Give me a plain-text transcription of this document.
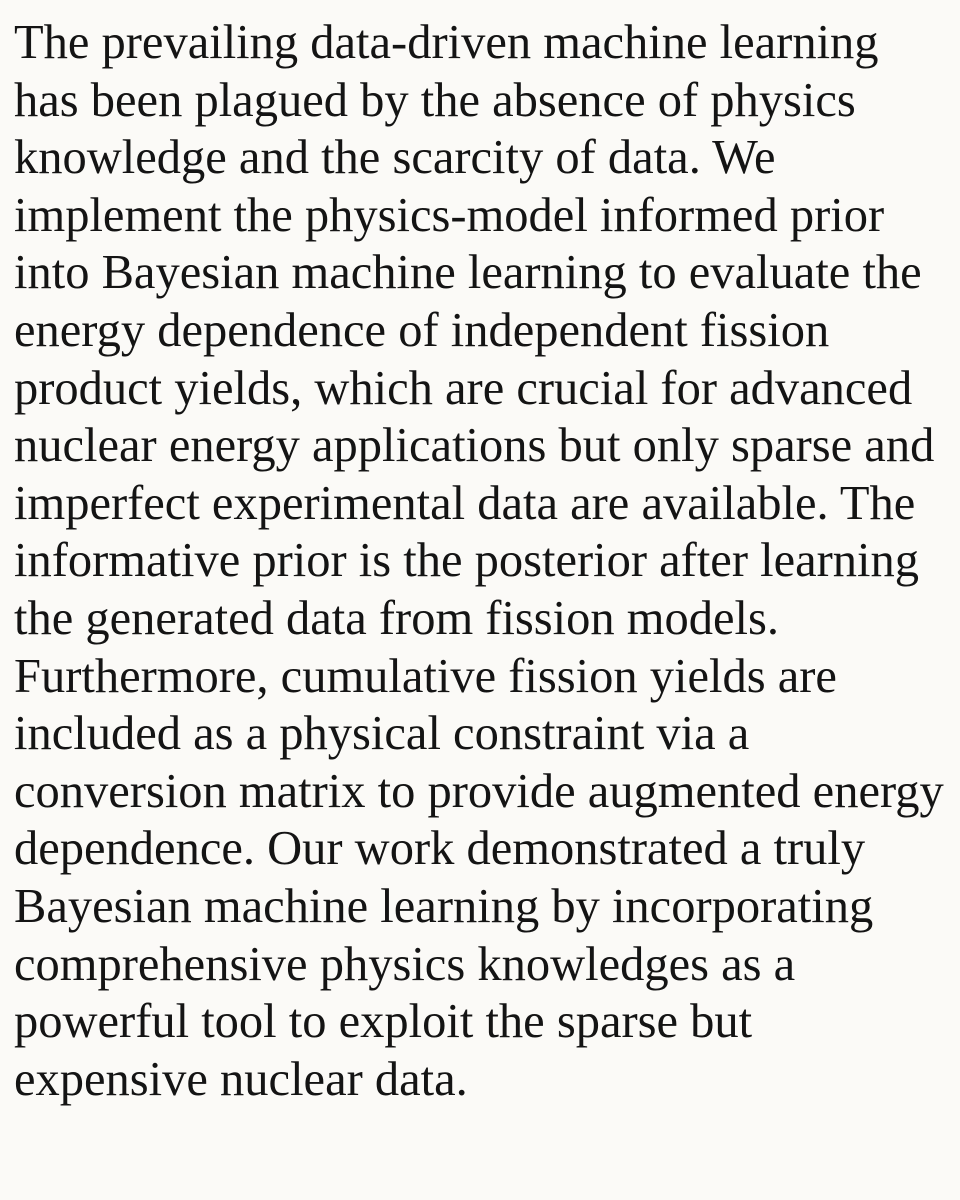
The prevailing data-driven machine learning
has been plagued by the absence of physics
knowledge and the scarcity of data. We
implement the physics-model informed prior
into Bayesian machine learning to evaluate the
energy dependence of independent fission
product yields, which are crucial for advanced
nuclear energy applications but only sparse and
imperfect experimental data are available. The
informative prior is the posterior after learning
the generated data from fission models.
Furthermore, cumulative fission yields are
included as a physical constraint via a
conversion matrix to provide augmented energy
dependence. Our work demonstrated a truly
Bayesian machine learning by incorporating
comprehensive physics knowledges as a
powerful tool to exploit the sparse but
expensive nuclear data.
